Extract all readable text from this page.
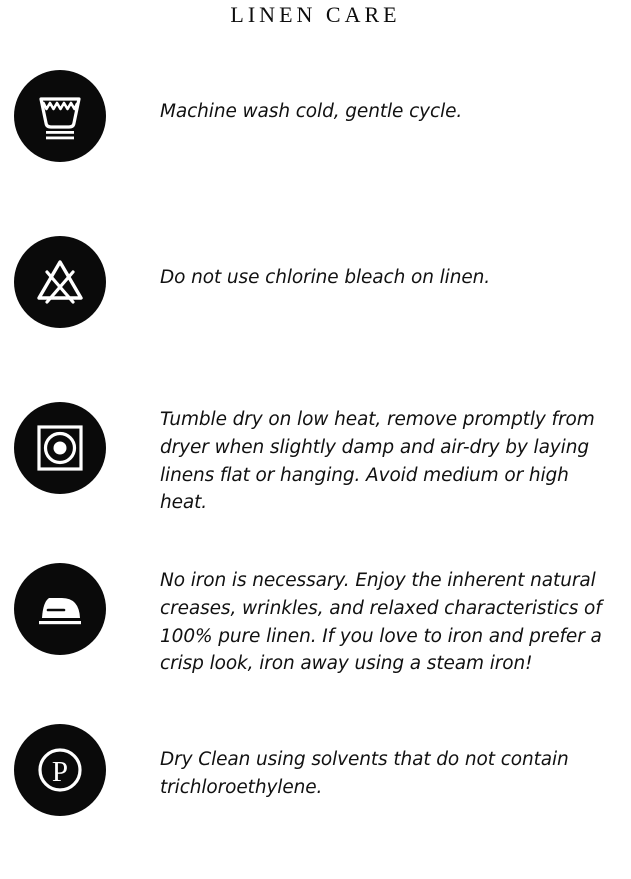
LINEN CARE
Machine wash cold, gentle cycle.
Do not use chlorine bleach on linen.
Tumble dry on low heat, remove promptly from dryer when slightly damp and air-dry by laying linens flat or hanging. Avoid medium or high heat.
No iron is necessary. Enjoy the inherent natural creases, wrinkles, and relaxed characteristics of 100% pure linen. If you love to iron and prefer a crisp look, iron away using a steam iron!
P	Dry Clean using solvents that do not contain trichloroethylene.
